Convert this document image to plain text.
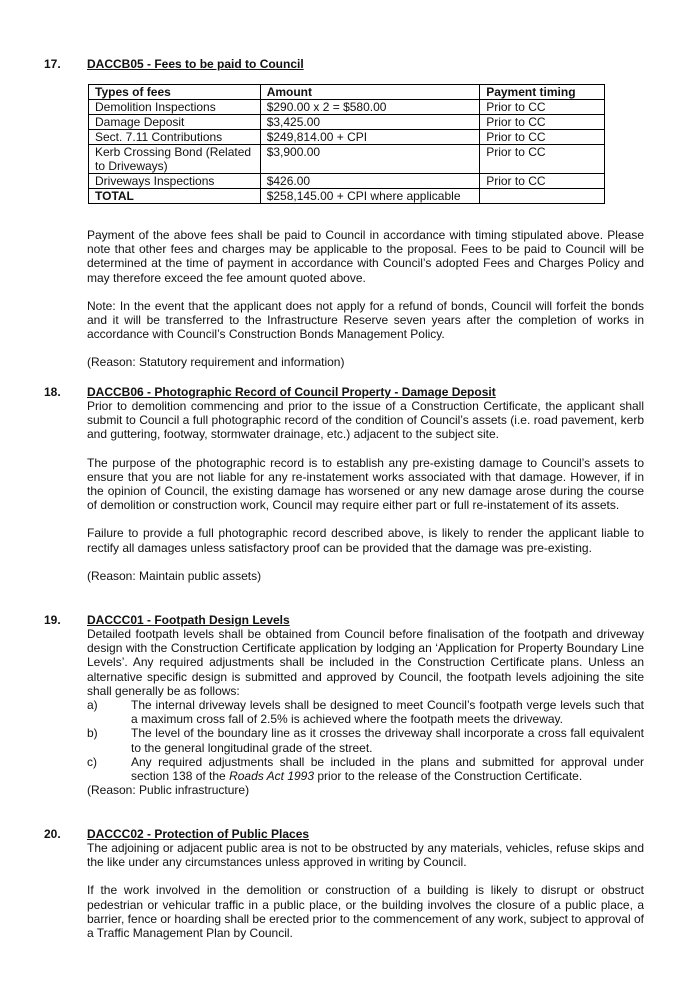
17. DACCB05 - Fees to be paid to Council
Types of fees	Amount	Payment timing
Demolition Inspections	$290.00 x 2 = $580.00	Prior to CC
Damage Deposit	$3,425.00	Prior to CC
Sect. 7.11 Contributions	$249,814.00 + CPI	Prior to CC
Kerb Crossing Bond (Related to Driveways)	$3,900.00	Prior to CC
Driveways Inspections	$426.00	Prior to CC
TOTAL	$258,145.00 + CPI where applicable	

Payment of the above fees shall be paid to Council in accordance with timing stipulated above. Please note that other fees and charges may be applicable to the proposal. Fees to be paid to Council will be determined at the time of payment in accordance with Council’s adopted Fees and Charges Policy and may therefore exceed the fee amount quoted above.

Note: In the event that the applicant does not apply for a refund of bonds, Council will forfeit the bonds and it will be transferred to the Infrastructure Reserve seven years after the completion of works in accordance with Council’s Construction Bonds Management Policy.

(Reason: Statutory requirement and information)

18. DACCB06 - Photographic Record of Council Property - Damage Deposit

Prior to demolition commencing and prior to the issue of a Construction Certificate, the applicant shall submit to Council a full photographic record of the condition of Council’s assets (i.e. road pavement, kerb and guttering, footway, stormwater drainage, etc.) adjacent to the subject site.

The purpose of the photographic record is to establish any pre-existing damage to Council’s assets to ensure that you are not liable for any re-instatement works associated with that damage. However, if in the opinion of Council, the existing damage has worsened or any new damage arose during the course of demolition or construction work, Council may require either part or full re-instatement of its assets.

Failure to provide a full photographic record described above, is likely to render the applicant liable to rectify all damages unless satisfactory proof can be provided that the damage was pre-existing.

(Reason: Maintain public assets)

19. DACCC01 - Footpath Design Levels

Detailed footpath levels shall be obtained from Council before finalisation of the footpath and driveway design with the Construction Certificate application by lodging an ‘Application for Property Boundary Line Levels’. Any required adjustments shall be included in the Construction Certificate plans. Unless an alternative specific design is submitted and approved by Council, the footpath levels adjoining the site shall generally be as follows:

a)	The internal driveway levels shall be designed to meet Council’s footpath verge levels such that a maximum cross fall of 2.5% is achieved where the footpath meets the driveway.
b)	The level of the boundary line as it crosses the driveway shall incorporate a cross fall equivalent to the general longitudinal grade of the street.
c)	Any required adjustments shall be included in the plans and submitted for approval under section 138 of the Roads Act 1993 prior to the release of the Construction Certificate.

(Reason: Public infrastructure)

20. DACCC02 - Protection of Public Places

The adjoining or adjacent public area is not to be obstructed by any materials, vehicles, refuse skips and the like under any circumstances unless approved in writing by Council.

If the work involved in the demolition or construction of a building is likely to disrupt or obstruct pedestrian or vehicular traffic in a public place, or the building involves the closure of a public place, a barrier, fence or hoarding shall be erected prior to the commencement of any work, subject to approval of a Traffic Management Plan by Council.
